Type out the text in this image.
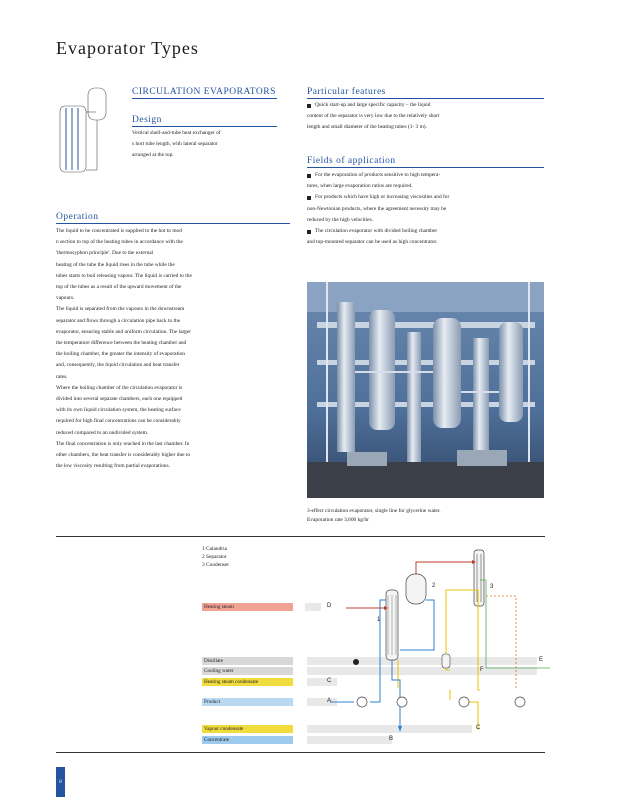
Evaporator Types
CIRCULATION EVAPORATORS
Design

Vertical shell-and-tube heat exchanger of

s hort tube length, with lateral separator

arranged at the top.

Operation

The liquid to be concentrated is supplied to the hot to mod

n section to top of the heating tubes in accordance with the

'thermosyphon principle'. Due to the external

heating of the tube the liquid rises in the tube while the

tubes starts to boil releasing vapour. The liquid is carried to the

top of the tubes as a result of the upward movement of the

vapours.

The liquid is separated from the vapours in the downstream

separator and flows through a circulation pipe back to the

evaporator, ensuring stable and uniform circulation. The larger

the temperature difference between the heating chamber and

the boiling chamber, the greater the intensity of evaporation

and, consequently, the liquid circulation and heat transfer

rates.

Where the boiling chamber of the circulation evaporator is

divided into several separate chambers, each one equipped

with its own liquid circulation system, the heating surface

required for high final concentrations can be considerably

reduced compared to an undivided system.

The final concentration is only reached in the last chamber. In

other chambers, the heat transfer is considerably higher due to

the low viscosity resulting from partial evaporations.

Particular features
Quick start-up and large specific capacity – the liquid

content of the separator is very low due to the relatively short

length and small diameter of the heating tubes (1- 3 m).

Fields of application
For the evaporation of products sensitive to high tempera-

tures, when large evaporation ratios are required.

For products which have high or increasing viscosities and for

non-Newtonian products, where the agreement necessity may be

reduced by the high velocities.

The circulation evaporator with divided boiling chamber

and top-mounted separator can be used as high concentrator.

3-effect circulation evaporator, single line for glycerine water.
Evaporation rate 3,600 kg/hr
1 Calandria
2 Separator
3 Condenser
Heating steam
Distillate
Cooling water
Heating steam condensate
Product
Vapour condensate
Concentrate
D
C
A
B
C
E
F
1
2	3
8
